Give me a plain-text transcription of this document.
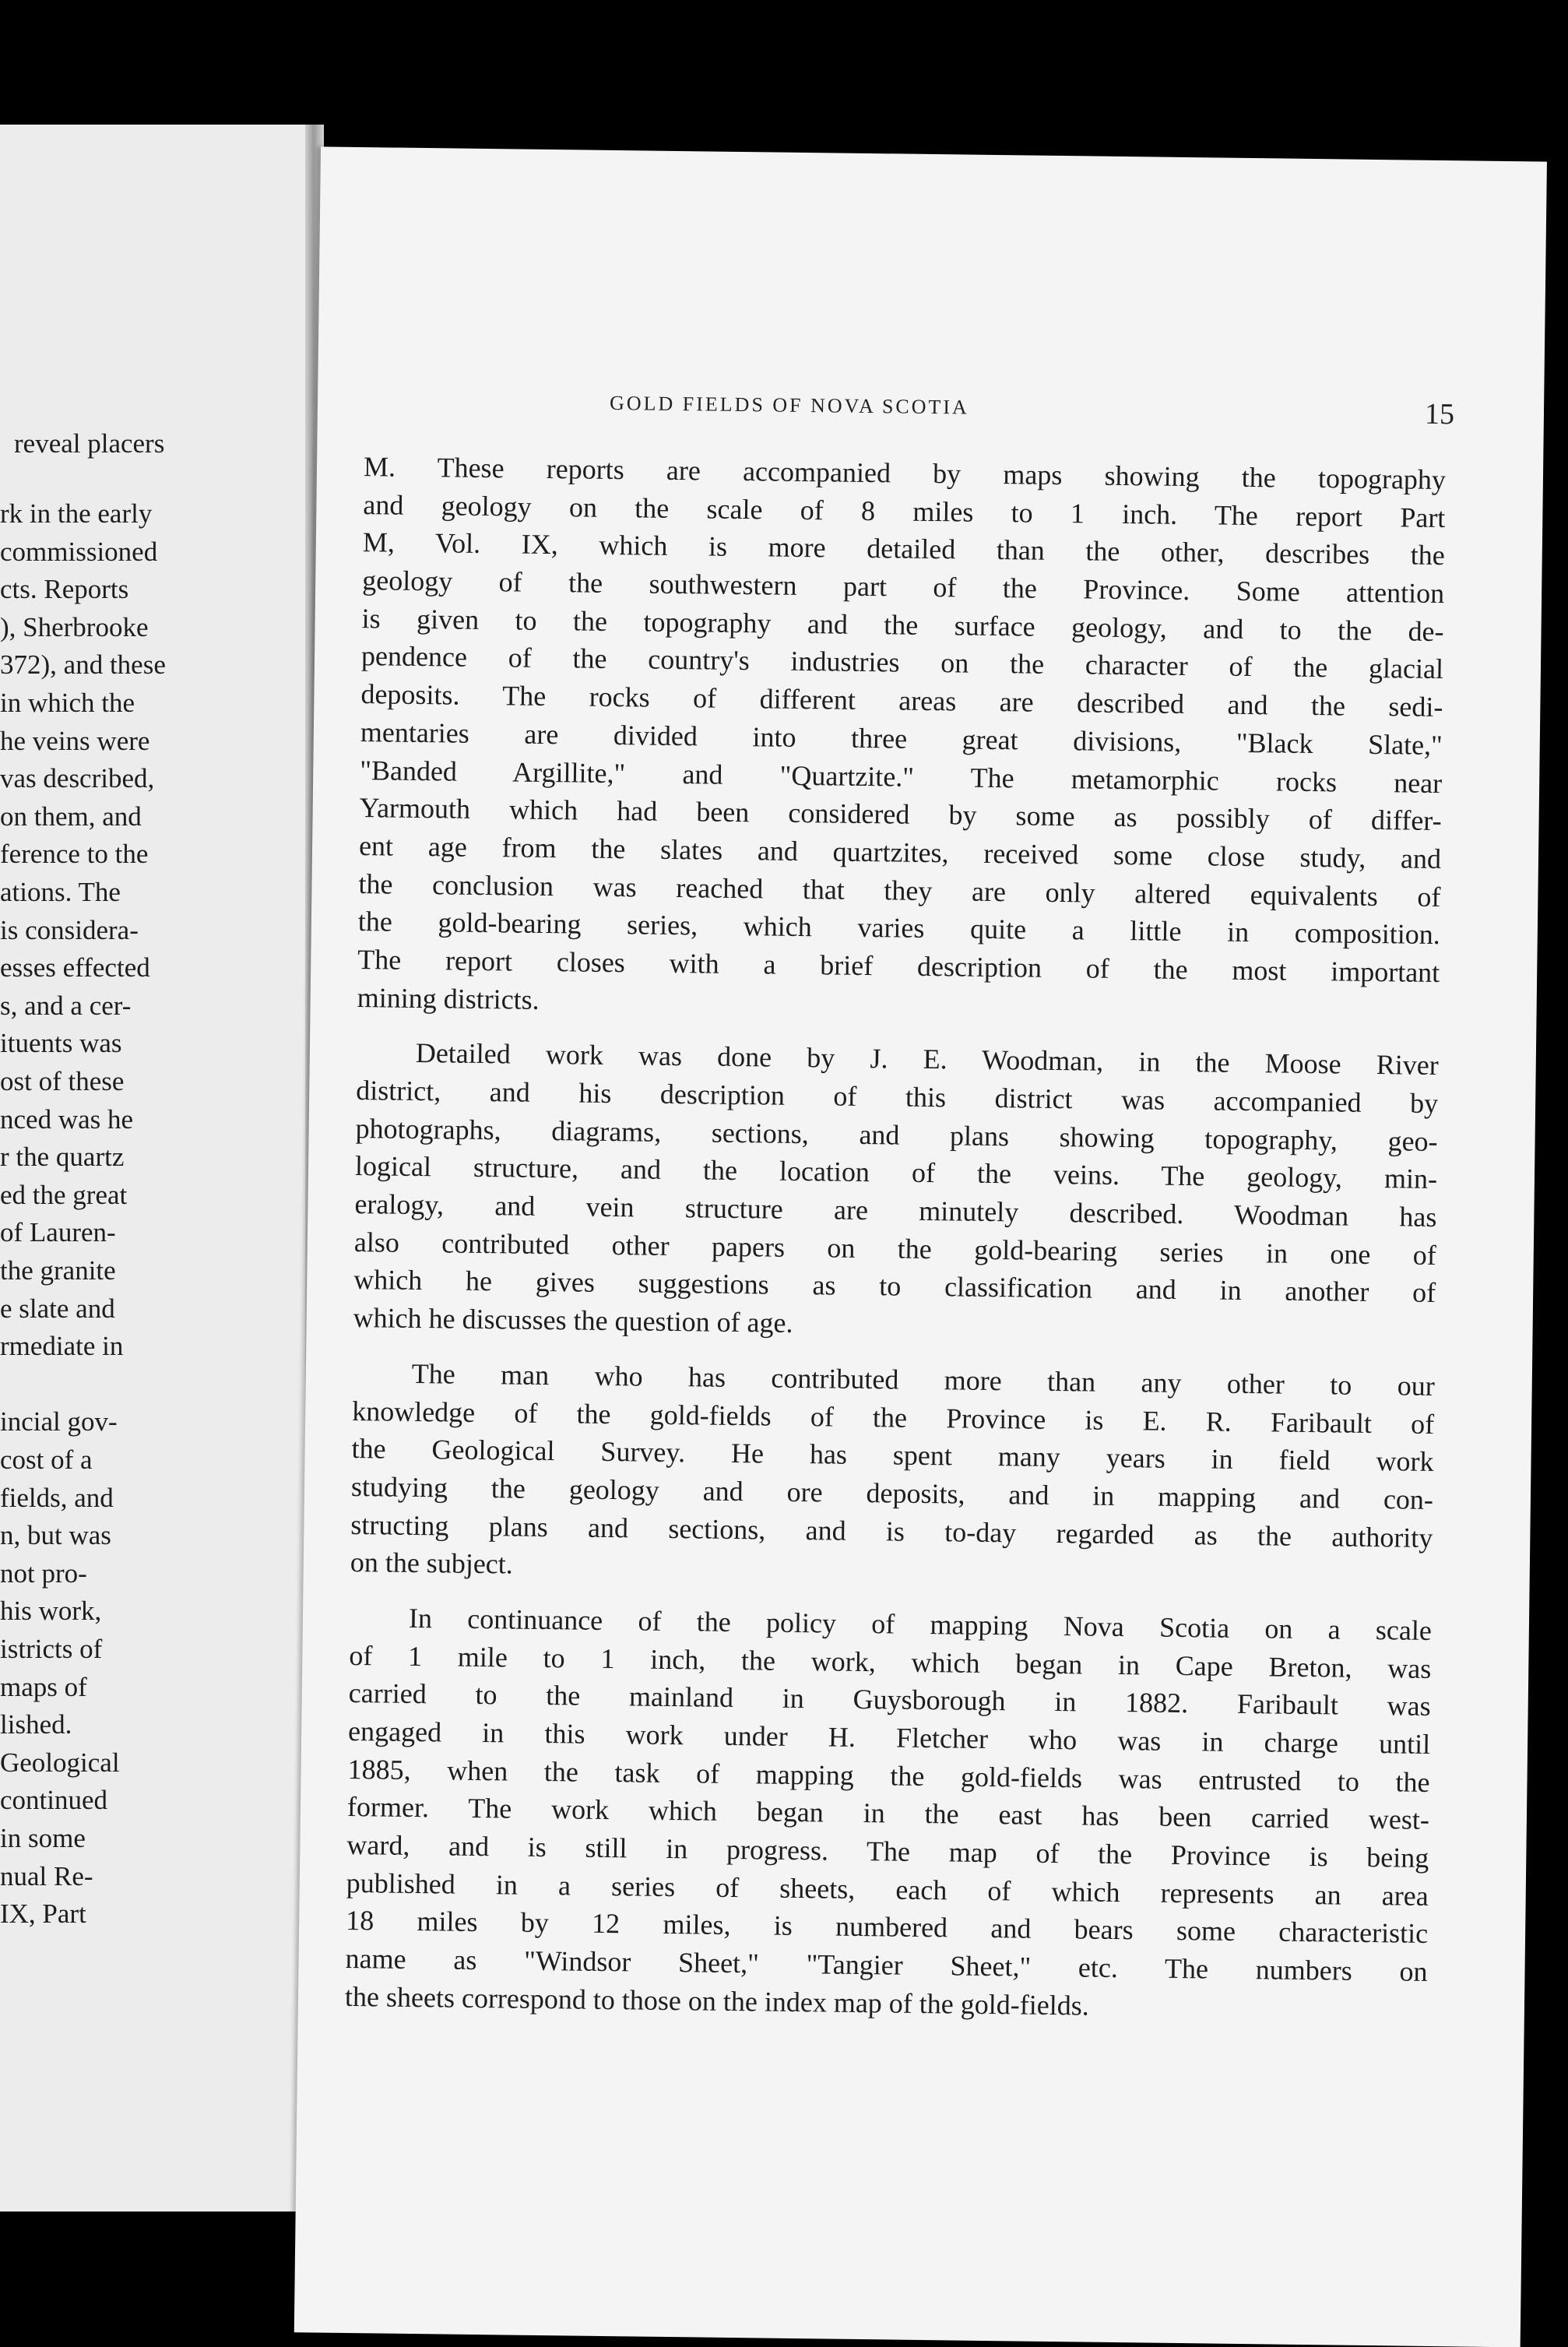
reveal placers
rk in the early
commissioned
cts. Reports
), Sherbrooke
372), and these
in which the
he veins were
vas described,
on them, and
ference to the
ations. The
is considera-
esses effected
s, and a cer-
ituents was
ost of these
nced was he
r the quartz
ed the great
of Lauren-
the granite
e slate and
rmediate in
incial gov-
cost of a
fields, and
n, but was
not pro-
his work,
istricts of
maps of
lished.
Geological
continued
in some
nual Re-
IX, Part
GOLD FIELDS OF NOVA SCOTIA	15
M. These reports are accompanied by maps showing the topography
and geology on the scale of 8 miles to 1 inch. The report Part
M, Vol. IX, which is more detailed than the other, describes the
geology of the southwestern part of the Province. Some attention
is given to the topography and the surface geology, and to the de-
pendence of the country's industries on the character of the glacial
deposits. The rocks of different areas are described and the sedi-
mentaries are divided into three great divisions, "Black Slate,"
"Banded Argillite," and "Quartzite." The metamorphic rocks near
Yarmouth which had been considered by some as possibly of differ-
ent age from the slates and quartzites, received some close study, and
the conclusion was reached that they are only altered equivalents of
the gold-bearing series, which varies quite a little in composition.
The report closes with a brief description of the most important
mining districts.
Detailed work was done by J. E. Woodman, in the Moose River
district, and his description of this district was accompanied by
photographs, diagrams, sections, and plans showing topography, geo-
logical structure, and the location of the veins. The geology, min-
eralogy, and vein structure are minutely described. Woodman has
also contributed other papers on the gold-bearing series in one of
which he gives suggestions as to classification and in another of
which he discusses the question of age.
The man who has contributed more than any other to our
knowledge of the gold-fields of the Province is E. R. Faribault of
the Geological Survey. He has spent many years in field work
studying the geology and ore deposits, and in mapping and con-
structing plans and sections, and is to-day regarded as the authority
on the subject.
In continuance of the policy of mapping Nova Scotia on a scale
of 1 mile to 1 inch, the work, which began in Cape Breton, was
carried to the mainland in Guysborough in 1882. Faribault was
engaged in this work under H. Fletcher who was in charge until
1885, when the task of mapping the gold-fields was entrusted to the
former. The work which began in the east has been carried west-
ward, and is still in progress. The map of the Province is being
published in a series of sheets, each of which represents an area
18 miles by 12 miles, is numbered and bears some characteristic
name as "Windsor Sheet," "Tangier Sheet," etc. The numbers on
the sheets correspond to those on the index map of the gold-fields.
